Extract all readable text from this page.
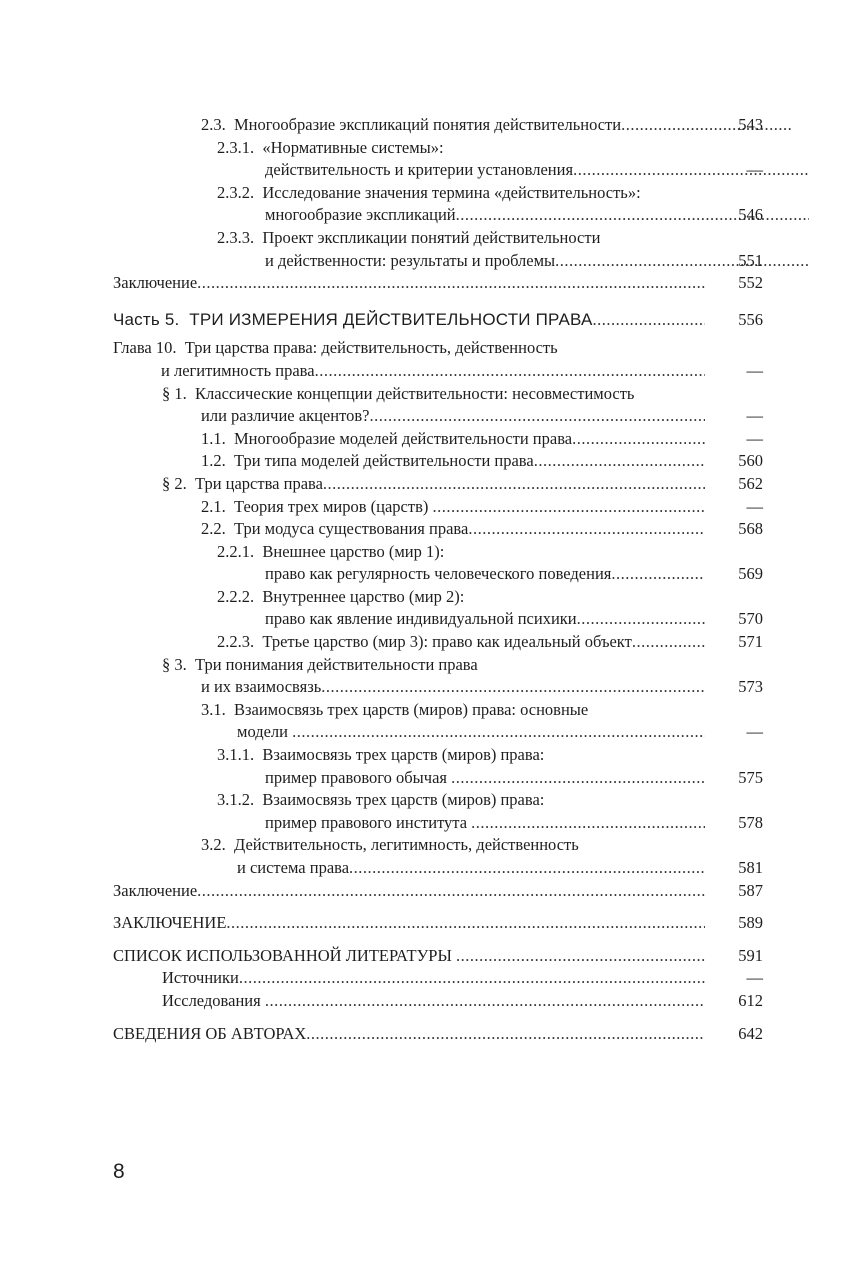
2.3. Многообразие экспликаций понятия действительности .....	543
2.3.1. «Нормативные системы»:
действительность и критерии установления .....	—
2.3.2. Исследование значения термина «действительность»:
многообразие экспликаций .....	546
2.3.3. Проект экспликации понятий действительности
и действенности: результаты и проблемы .....	551
Заключение .....	552
Часть 5. ТРИ ИЗМЕРЕНИЯ ДЕЙСТВИТЕЛЬНОСТИ ПРАВА .....	556
Глава 10. Три царства права: действительность, действенность
и легитимность права .....	—
§ 1. Классические концепции действительности: несовместимость
или различие акцентов? .....	—
1.1. Многообразие моделей действительности права .....	—
1.2. Три типа моделей действительности права .....	560
§ 2. Три царства права .....	562
2.1. Теория трех миров (царств) .....	—
2.2. Три модуса существования права .....	568
2.2.1. Внешнее царство (мир 1):
право как регулярность человеческого поведения .....	569
2.2.2. Внутреннее царство (мир 2):
право как явление индивидуальной психики .....	570
2.2.3. Третье царство (мир 3): право как идеальный объект .....	571
§ 3. Три понимания действительности права
и их взаимосвязь .....	573
3.1. Взаимосвязь трех царств (миров) права: основные
модели .....	—
3.1.1. Взаимосвязь трех царств (миров) права:
пример правового обычая .....	575
3.1.2. Взаимосвязь трех царств (миров) права:
пример правового института .....	578
3.2. Действительность, легитимность, действенность
и система права .....	581
Заключение .....	587
ЗАКЛЮЧЕНИЕ .....	589
СПИСОК ИСПОЛЬЗОВАННОЙ ЛИТЕРАТУРЫ .....	591
Источники .....	—
Исследования .....	612
СВЕДЕНИЯ ОБ АВТОРАХ .....	642
8
